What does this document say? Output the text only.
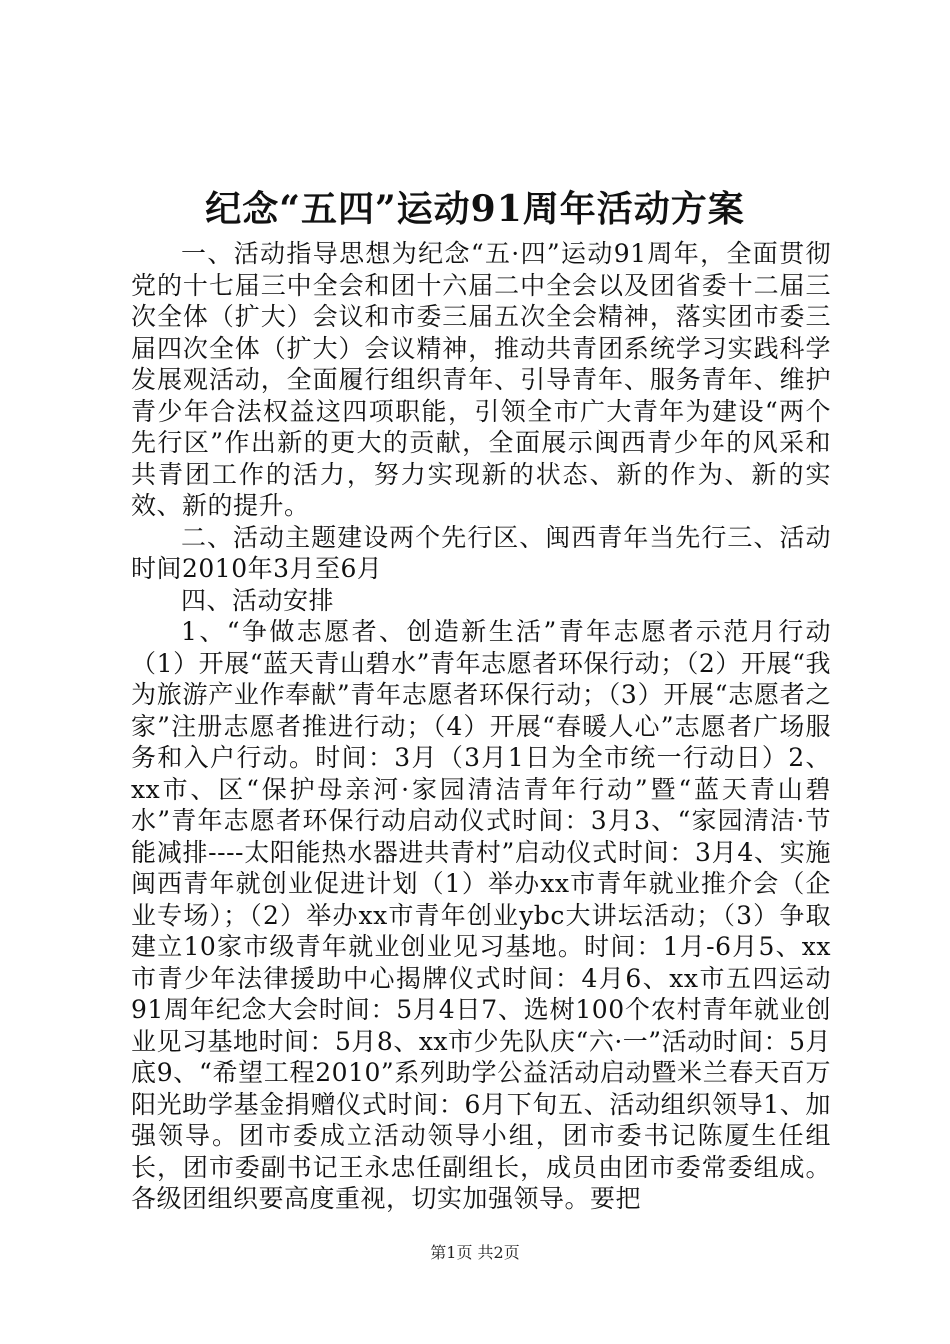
纪念“五四”运动91周年活动方案

一、活动指导思想为纪念“五·四”运动91周年，全面贯彻党的十七届三中全会和团十六届二中全会以及团省委十二届三次全体（扩大）会议和市委三届五次全会精神，落实团市委三届四次全体（扩大）会议精神，推动共青团系统学习实践科学发展观活动，全面履行组织青年、引导青年、服务青年、维护青少年合法权益这四项职能，引领全市广大青年为建设“两个先行区”作出新的更大的贡献，全面展示闽西青少年的风采和共青团工作的活力，努力实现新的状态、新的作为、新的实效、新的提升。

二、活动主题建设两个先行区、闽西青年当先行三、活动时间2010年3月至6月

四、活动安排

1、“争做志愿者、创造新生活”青年志愿者示范月行动（1）开展“蓝天青山碧水”青年志愿者环保行动；（2）开展“我为旅游产业作奉献”青年志愿者环保行动；（3）开展“志愿者之家”注册志愿者推进行动；（4）开展“春暖人心”志愿者广场服务和入户行动。时间：3月（3月1日为全市统一行动日）2、xx市、区“保护母亲河·家园清洁青年行动”暨“蓝天青山碧水”青年志愿者环保行动启动仪式时间：3月3、“家园清洁·节能减排----太阳能热水器进共青村”启动仪式时间：3月4、实施闽西青年就创业促进计划（1）举办xx市青年就业推介会（企业专场）；（2）举办xx市青年创业ybc大讲坛活动；（3）争取建立10家市级青年就业创业见习基地。时间：1月-6月5、xx市青少年法律援助中心揭牌仪式时间：4月6、xx市五四运动91周年纪念大会时间：5月4日7、选树100个农村青年就业创业见习基地时间：5月8、xx市少先队庆“六·一”活动时间：5月底9、“希望工程2010”系列助学公益活动启动暨米兰春天百万阳光助学基金捐赠仪式时间：6月下旬五、活动组织领导1、加强领导。团市委成立活动领导小组，团市委书记陈厦生任组长，团市委副书记王永忠任副组长，成员由团市委常委组成。各级团组织要高度重视，切实加强领导。要把

第1页 共2页
